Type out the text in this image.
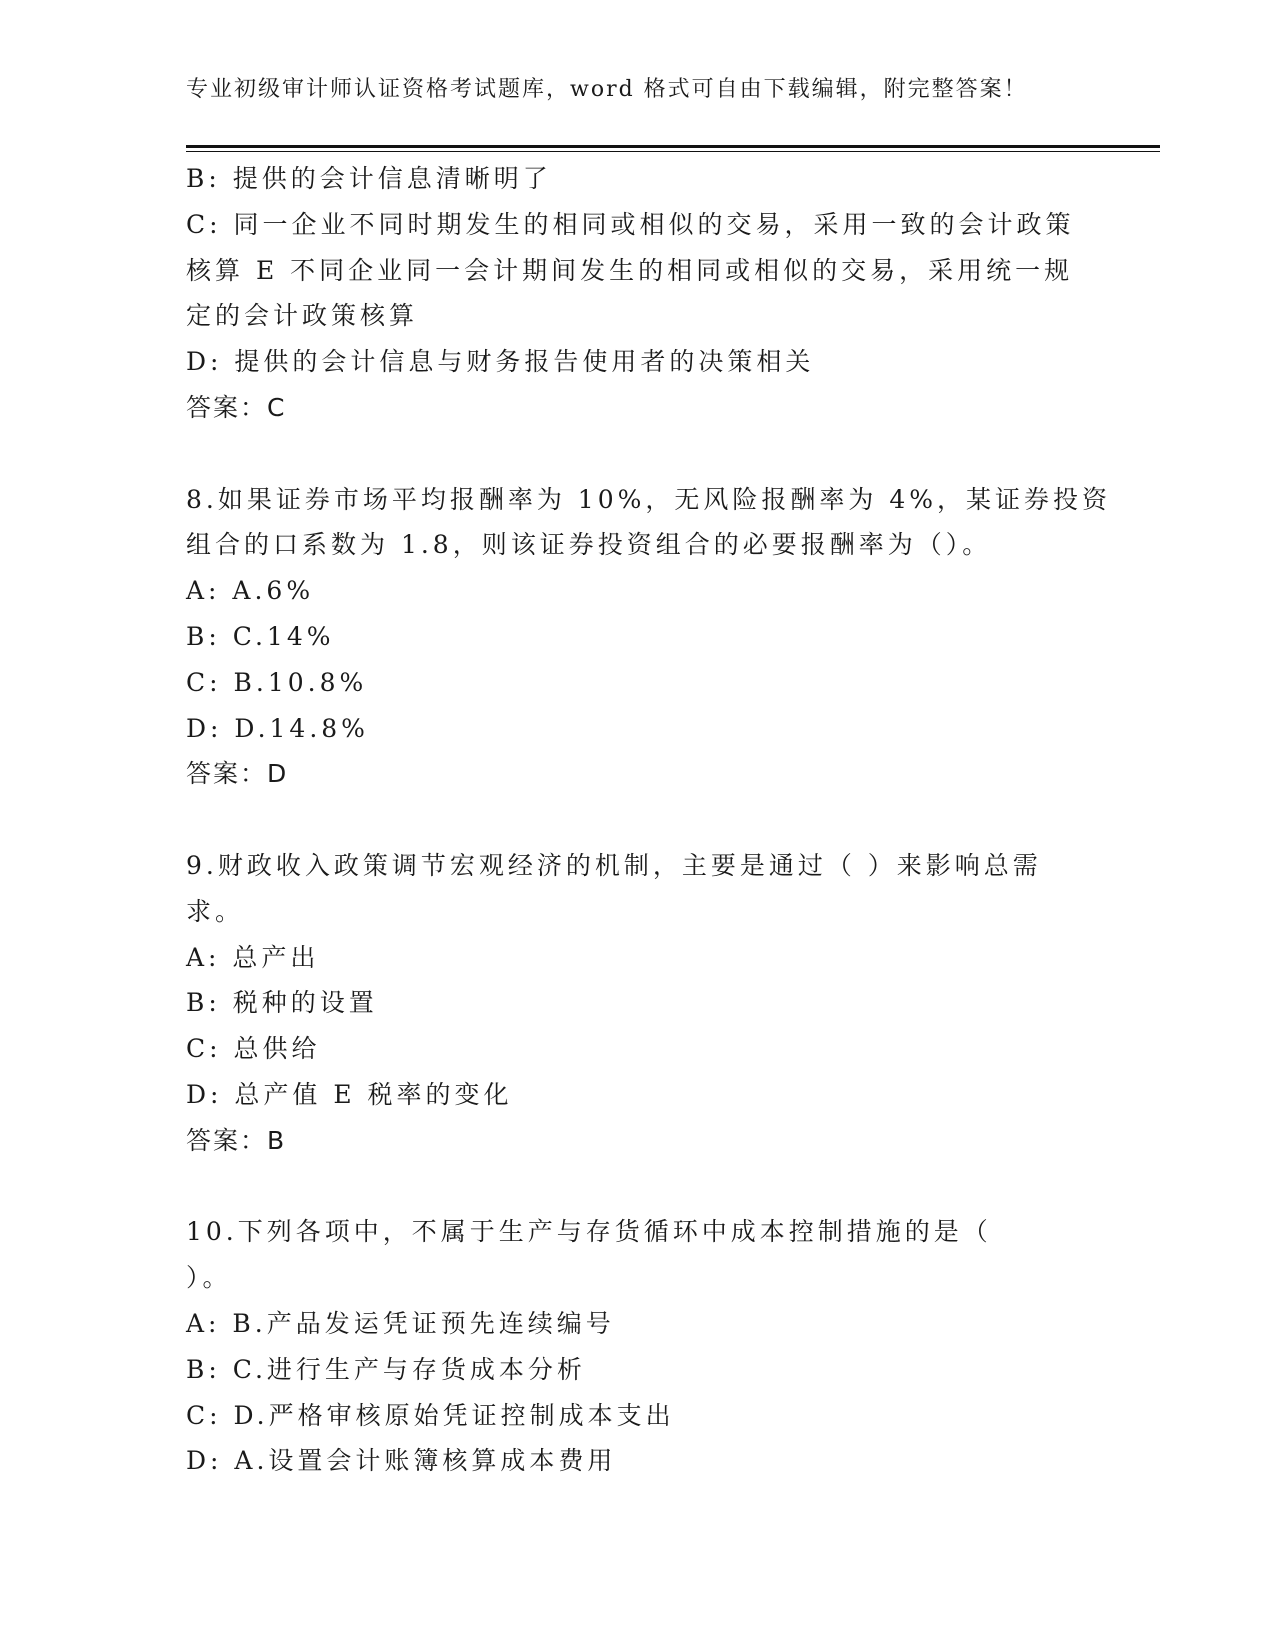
专业初级审计师认证资格考试题库，word 格式可自由下载编辑，附完整答案！
B: 提供的会计信息清晰明了
C: 同一企业不同时期发生的相同或相似的交易，采用一致的会计政策
核算 E 不同企业同一会计期间发生的相同或相似的交易，采用统一规
定的会计政策核算
D: 提供的会计信息与财务报告使用者的决策相关
答案：C
8.如果证券市场平均报酬率为 10%，无风险报酬率为 4%，某证券投资
组合的口系数为 1.8，则该证券投资组合的必要报酬率为（）。
A: A.6%
B: C.14%
C: B.10.8%
D: D.14.8%
答案：D
9.财政收入政策调节宏观经济的机制，主要是通过（ ）来影响总需
求。
A: 总产出
B: 税种的设置
C: 总供给
D: 总产值 E 税率的变化
答案：B
10.下列各项中，不属于生产与存货循环中成本控制措施的是（
）。
A: B.产品发运凭证预先连续编号
B: C.进行生产与存货成本分析
C: D.严格审核原始凭证控制成本支出
D: A.设置会计账簿核算成本费用
